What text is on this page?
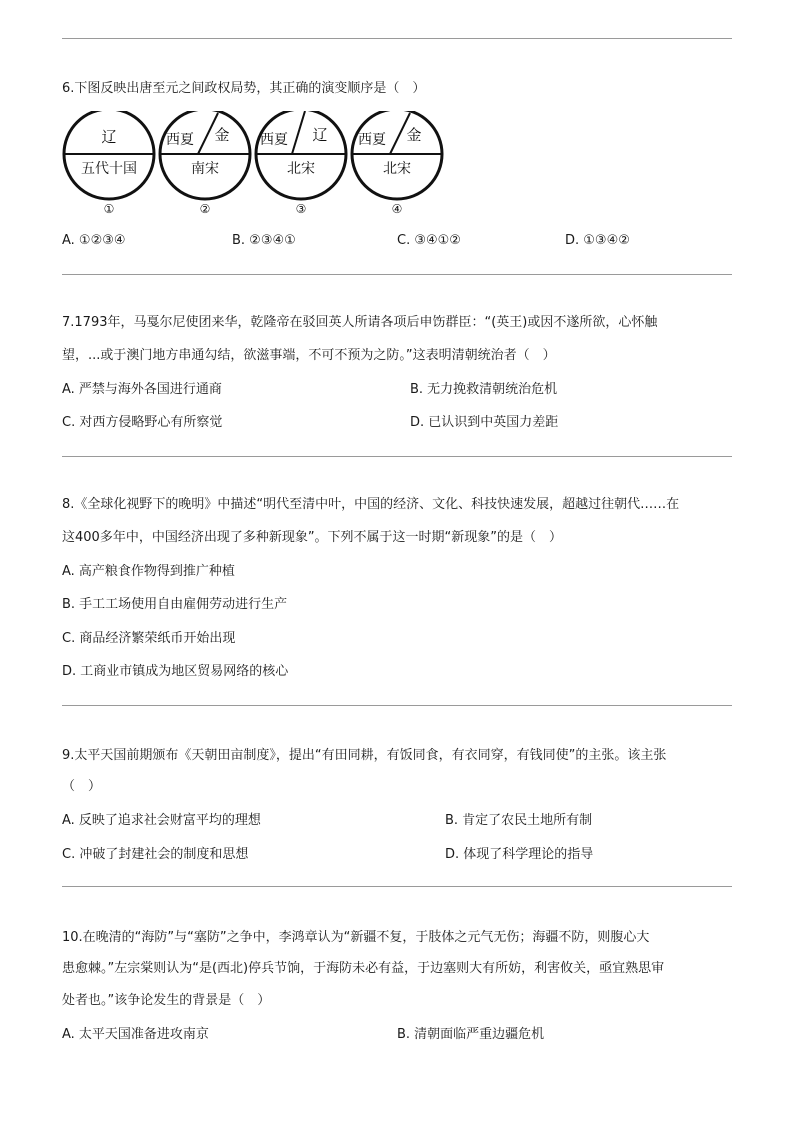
6.下图反映出唐至元之间政权局势，其正确的演变顺序是（　）
辽
五代十国
①
西夏 金
南宋
②
西夏 辽
北宋
③
西夏 金
北宋
④
A. ①②③④	B. ②③④①	C. ③④①②	D. ①③④②
7.1793年，马戛尔尼使团来华，乾隆帝在驳回英人所请各项后申饬群臣：“(英王)或因不遂所欲，心怀触
望，...或于澳门地方串通勾结，欲滋事端，不可不预为之防。”这表明清朝统治者（　）
A. 严禁与海外各国进行通商	B. 无力挽救清朝统治危机
C. 对西方侵略野心有所察觉	D. 已认识到中英国力差距
8.《全球化视野下的晚明》中描述“明代至清中叶，中国的经济、文化、科技快速发展，超越过往朝代……在
这400多年中，中国经济出现了多种新现象”。下列不属于这一时期“新现象”的是（　）
A. 高产粮食作物得到推广种植
B. 手工工场使用自由雇佣劳动进行生产
C. 商品经济繁荣纸币开始出现
D. 工商业市镇成为地区贸易网络的核心
9.太平天国前期颁布《天朝田亩制度》，提出“有田同耕，有饭同食，有衣同穿，有钱同使”的主张。该主张
（　）
A. 反映了追求社会财富平均的理想	B. 肯定了农民土地所有制
C. 冲破了封建社会的制度和思想	D. 体现了科学理论的指导
10.在晚清的“海防”与“塞防”之争中，李鸿章认为“新疆不复，于肢体之元气无伤；海疆不防，则腹心大
患愈棘。”左宗棠则认为“是(西北)停兵节饷，于海防未必有益，于边塞则大有所妨，利害攸关，亟宜熟思审
处者也。”该争论发生的背景是（　）
A. 太平天国准备进攻南京	B. 清朝面临严重边疆危机
